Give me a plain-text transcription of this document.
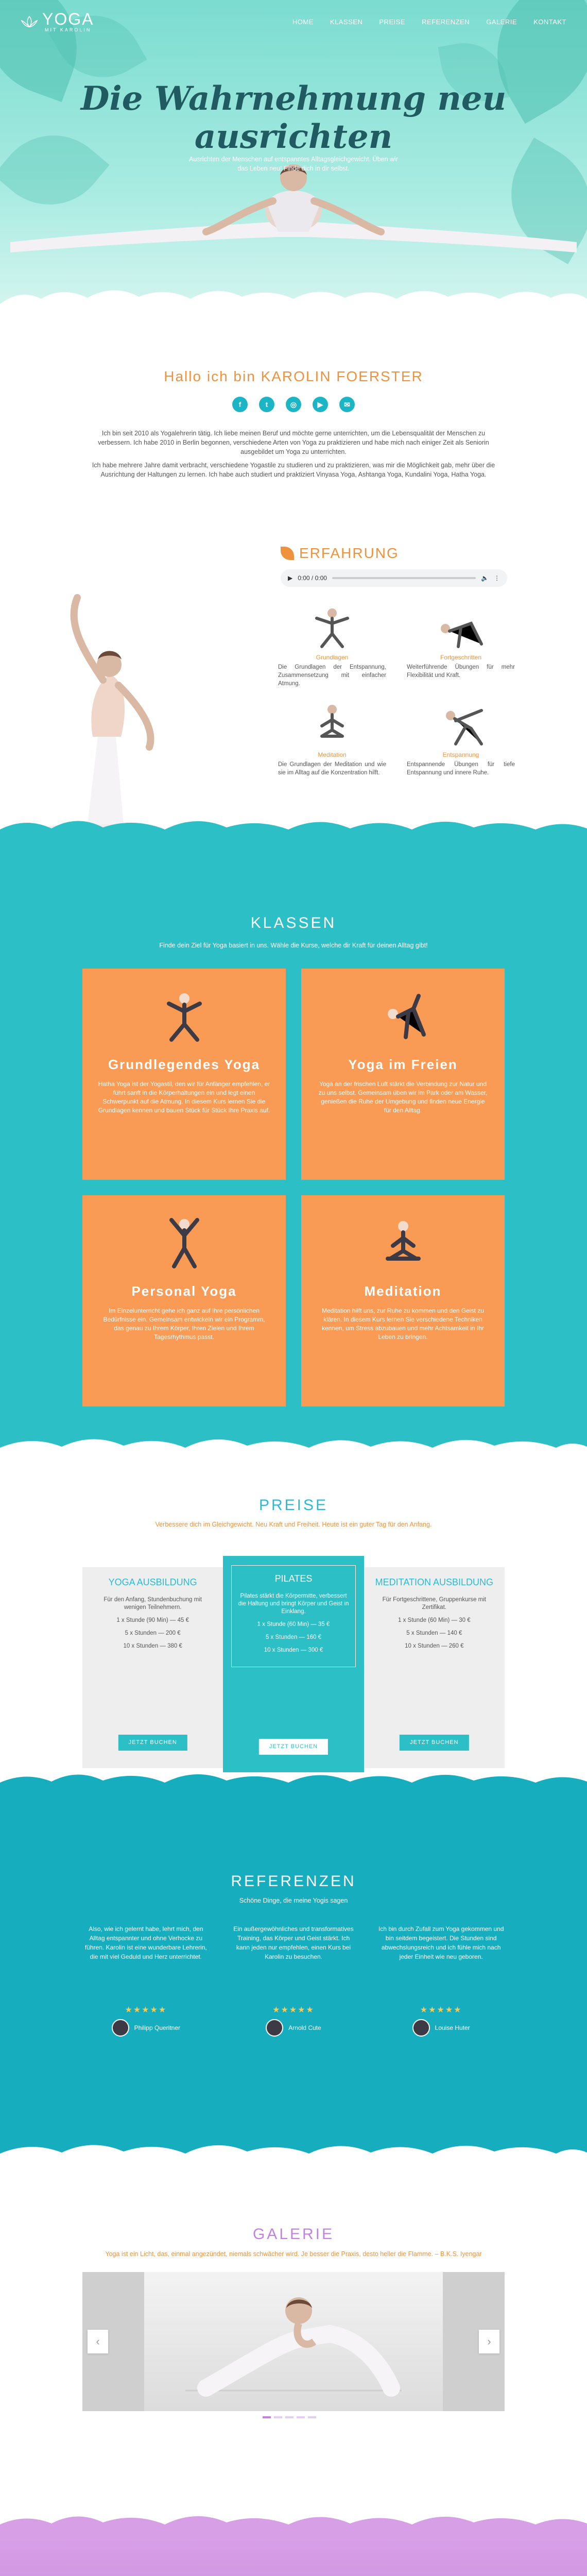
YOGA
MIT KAROLIN
HOME KLASSEN PREISE REFERENZEN GALERIE KONTAKT
Die Wahrnehmung neu
ausrichten
Ausrichten der Menschen auf entspanntes Alltagsgleichgewicht. Üben wir das Leben neu! Finde dich in dir selbst.
Hallo ich bin KAROLIN FOERSTER
f	t	◎	▶	✉

Ich bin seit 2010 als Yogalehrerin tätig. Ich liebe meinen Beruf und möchte gerne unterrichten, um die Lebensqualität der Menschen zu verbessern. Ich habe 2010 in Berlin begonnen, verschiedene Arten von Yoga zu praktizieren und habe mich nach einiger Zeit als Seniorin ausgebildet um Yoga zu unterrichten.

Ich habe mehrere Jahre damit verbracht, verschiedene Yogastile zu studieren und zu praktizieren, was mir die Möglichkeit gab, mehr über die Ausrichtung der Haltungen zu lernen. Ich habe auch studiert und praktiziert Vinyasa Yoga, Ashtanga Yoga, Kundalini Yoga, Hatha Yoga.

ERFAHRUNG
▶ 0:00 / 0:00	🔈 ⋮
Grundlagen
Die Grundlagen der Entspannung, Zusammensetzung mit einfacher Atmung.
Fortgeschritten
Weiterführende Übungen für mehr Flexibilität und Kraft.
Meditation
Die Grundlagen der Meditation und wie sie im Alltag auf die Konzentration hilft.
Entspannung
Entspannende Übungen für tiefe Entspannung und innere Ruhe.
KLASSEN
Finde dein Ziel für Yoga basiert in uns. Wähle die Kurse, welche dir Kraft für deinen Alltag gibt!
Grundlegendes Yoga

Hatha Yoga ist der Yogastil, den wir für Anfänger empfehlen, er führt sanft in die Körperhaltungen ein und legt einen Schwerpunkt auf die Atmung. In diesem Kurs lernen Sie die Grundlagen kennen und bauen Stück für Stück Ihre Praxis auf.

Yoga im Freien

Yoga an der frischen Luft stärkt die Verbindung zur Natur und zu uns selbst. Gemeinsam üben wir im Park oder am Wasser, genießen die Ruhe der Umgebung und finden neue Energie für den Alltag.

Personal Yoga

Im Einzelunterricht gehe ich ganz auf Ihre persönlichen Bedürfnisse ein. Gemeinsam entwickeln wir ein Programm, das genau zu Ihrem Körper, Ihren Zielen und Ihrem Tagesrhythmus passt.

Meditation

Meditation hilft uns, zur Ruhe zu kommen und den Geist zu klären. In diesem Kurs lernen Sie verschiedene Techniken kennen, um Stress abzubauen und mehr Achtsamkeit in Ihr Leben zu bringen.

PREISE
Verbessere dich im Gleichgewicht. Neu Kraft und Freiheit. Heute ist ein guter Tag für den Anfang.
YOGA AUSBILDUNG

Für den Anfang, Stundenbuchung mit wenigen Teilnehmern.

1 x Stunde (90 Min) — 45 €

5 x Stunden — 200 €

10 x Stunden — 380 €

JETZT BUCHEN
PILATES

Pilates stärkt die Körpermitte, verbessert die Haltung und bringt Körper und Geist in Einklang.

1 x Stunde (60 Min) — 35 €

5 x Stunden — 160 €

10 x Stunden — 300 €

JETZT BUCHEN
MEDITATION AUSBILDUNG

Für Fortgeschrittene, Gruppenkurse mit Zertifikat.

1 x Stunde (60 Min) — 30 €

5 x Stunden — 140 €

10 x Stunden — 260 €

JETZT BUCHEN
REFERENZEN
Schöne Dinge, die meine Yogis sagen
Also, wie ich gelernt habe, lehrt mich, den Alltag entspannter und ohne Verhocke zu führen. Karolin ist eine wunderbare Lehrerin, die mit viel Geduld und Herz unterrichtet.
★★★★★
Philipp Queritner
Ein außergewöhnliches und transformatives Training, das Körper und Geist stärkt. Ich kann jeden nur empfehlen, einen Kurs bei Karolin zu besuchen.
★★★★★
Arnold Cute
Ich bin durch Zufall zum Yoga gekommen und bin seitdem begeistert. Die Stunden sind abwechslungsreich und ich fühle mich nach jeder Einheit wie neu geboren.
★★★★★
Louise Huter
GALERIE
Yoga ist ein Licht, das, einmal angezündet, niemals schwächer wird. Je besser die Praxis, desto heller die Flamme. – B.K.S. Iyengar
‹	›
